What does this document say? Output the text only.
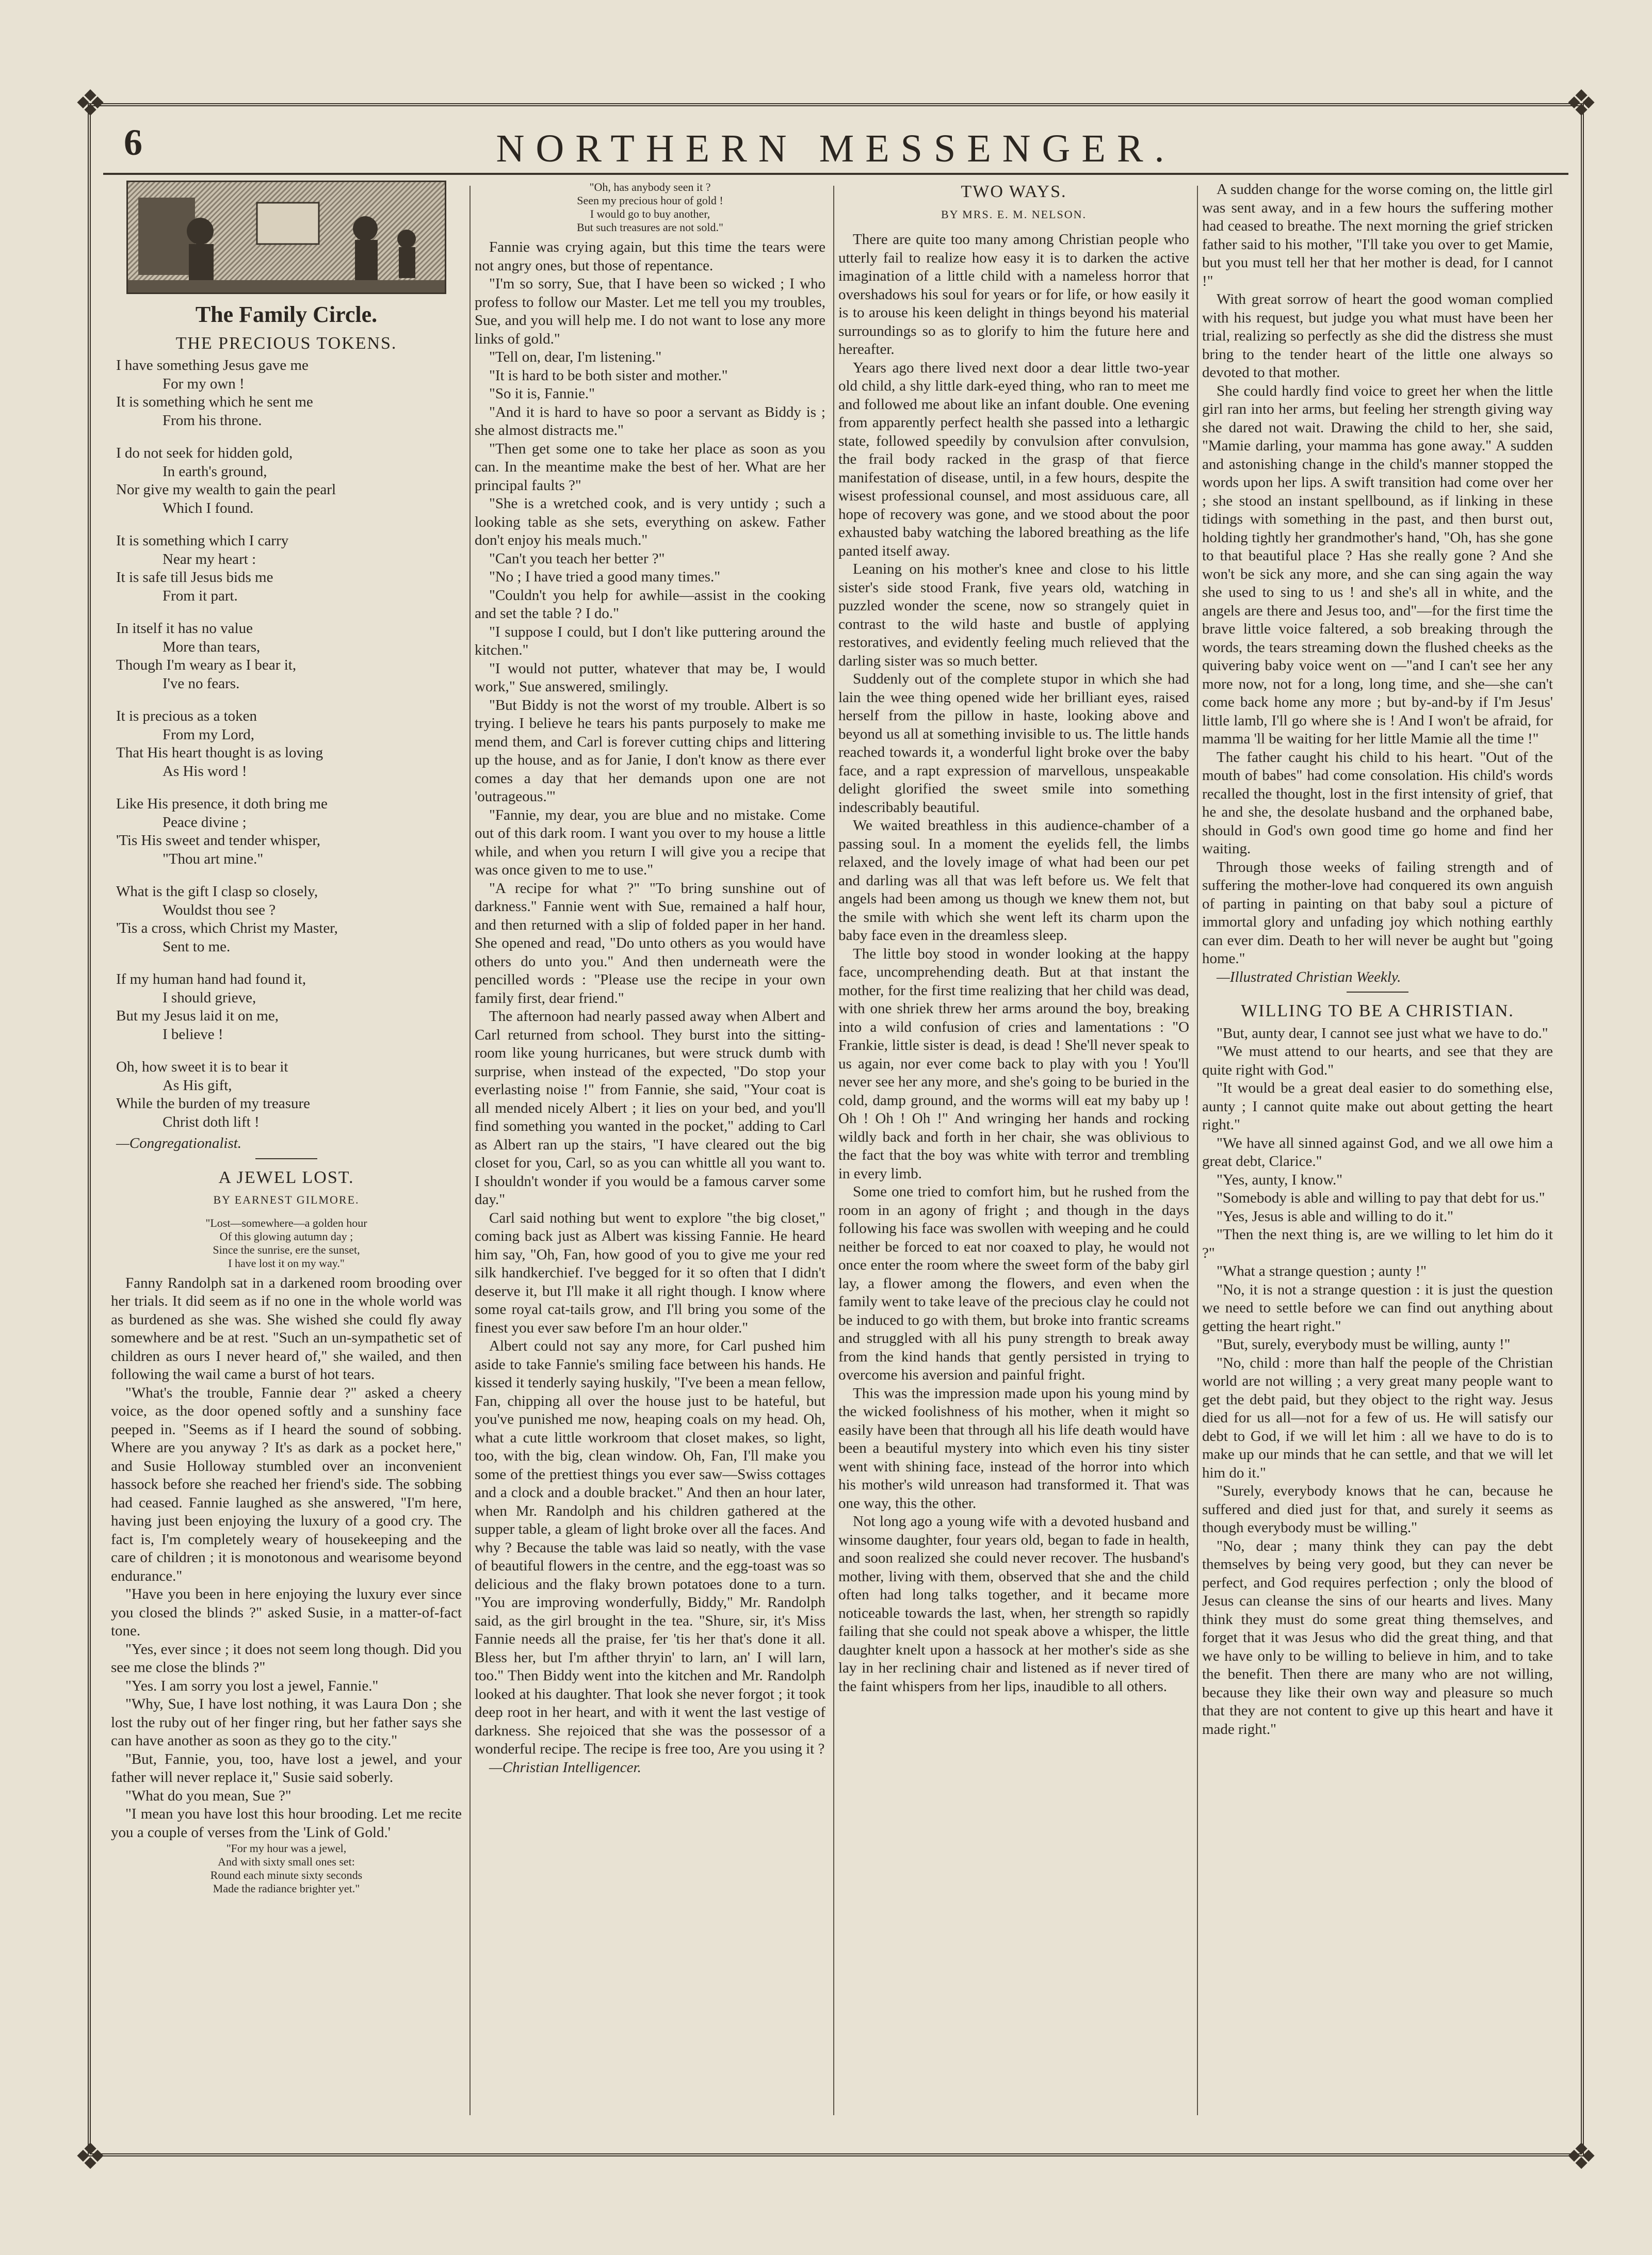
❖	❖
❖	❖
6	NORTHERN MESSENGER.
The Family Circle.
THE PRECIOUS TOKENS.
I have something Jesus gave me
For my own !
It is something which he sent me
From his throne.
I do not seek for hidden gold,
In earth's ground,
Nor give my wealth to gain the pearl
Which I found.
It is something which I carry
Near my heart :
It is safe till Jesus bids me
From it part.
In itself it has no value
More than tears,
Though I'm weary as I bear it,
I've no fears.
It is precious as a token
From my Lord,
That His heart thought is as loving
As His word !
Like His presence, it doth bring me
Peace divine ;
'Tis His sweet and tender whisper,
"Thou art mine."
What is the gift I clasp so closely,
Wouldst thou see ?
'Tis a cross, which Christ my Master,
Sent to me.
If my human hand had found it,
I should grieve,
But my Jesus laid it on me,
I believe !
Oh, how sweet it is to bear it
As His gift,
While the burden of my treasure
Christ doth lift !
—Congregationalist.
A JEWEL LOST.
BY EARNEST GILMORE.
"Lost—somewhere—a golden hour
Of this glowing autumn day ;
Since the sunrise, ere the sunset,
I have lost it on my way."

Fanny Randolph sat in a darkened room brooding over her trials. It did seem as if no one in the whole world was as burdened as she was. She wished she could fly away somewhere and be at rest. "Such an un-sympathetic set of children as ours I never heard of," she wailed, and then following the wail came a burst of hot tears.

"What's the trouble, Fannie dear ?" asked a cheery voice, as the door opened softly and a sunshiny face peeped in. "Seems as if I heard the sound of sobbing. Where are you anyway ? It's as dark as a pocket here," and Susie Holloway stumbled over an inconvenient hassock before she reached her friend's side. The sobbing had ceased. Fannie laughed as she answered, "I'm here, having just been enjoying the luxury of a good cry. The fact is, I'm completely weary of housekeeping and the care of children ; it is monotonous and wearisome beyond endurance."

"Have you been in here enjoying the luxury ever since you closed the blinds ?" asked Susie, in a matter-of-fact tone.

"Yes, ever since ; it does not seem long though. Did you see me close the blinds ?"

"Yes. I am sorry you lost a jewel, Fannie."

"Why, Sue, I have lost nothing, it was Laura Don ; she lost the ruby out of her finger ring, but her father says she can have another as soon as they go to the city."

"But, Fannie, you, too, have lost a jewel, and your father will never replace it," Susie said soberly.

"What do you mean, Sue ?"

"I mean you have lost this hour brooding. Let me recite you a couple of verses from the 'Link of Gold.'

"For my hour was a jewel,
And with sixty small ones set:
Round each minute sixty seconds
Made the radiance brighter yet."
"Oh, has anybody seen it ?
Seen my precious hour of gold !
I would go to buy another,
But such treasures are not sold."

Fannie was crying again, but this time the tears were not angry ones, but those of repentance.

"I'm so sorry, Sue, that I have been so wicked ; I who profess to follow our Master. Let me tell you my troubles, Sue, and you will help me. I do not want to lose any more links of gold."

"Tell on, dear, I'm listening."

"It is hard to be both sister and mother."

"So it is, Fannie."

"And it is hard to have so poor a servant as Biddy is ; she almost distracts me."

"Then get some one to take her place as soon as you can. In the meantime make the best of her. What are her principal faults ?"

"She is a wretched cook, and is very untidy ; such a looking table as she sets, everything on askew. Father don't enjoy his meals much."

"Can't you teach her better ?"

"No ; I have tried a good many times."

"Couldn't you help for awhile—assist in the cooking and set the table ? I do."

"I suppose I could, but I don't like puttering around the kitchen."

"I would not putter, whatever that may be, I would work," Sue answered, smilingly.

"But Biddy is not the worst of my trouble. Albert is so trying. I believe he tears his pants purposely to make me mend them, and Carl is forever cutting chips and littering up the house, and as for Janie, I don't know as there ever comes a day that her demands upon one are not 'outrageous.'"

"Fannie, my dear, you are blue and no mistake. Come out of this dark room. I want you over to my house a little while, and when you return I will give you a recipe that was once given to me to use."

"A recipe for what ?" "To bring sunshine out of darkness." Fannie went with Sue, remained a half hour, and then returned with a slip of folded paper in her hand. She opened and read, "Do unto others as you would have others do unto you." And then underneath were the pencilled words : "Please use the recipe in your own family first, dear friend."

The afternoon had nearly passed away when Albert and Carl returned from school. They burst into the sitting-room like young hurricanes, but were struck dumb with surprise, when instead of the expected, "Do stop your everlasting noise !" from Fannie, she said, "Your coat is all mended nicely Albert ; it lies on your bed, and you'll find something you wanted in the pocket," adding to Carl as Albert ran up the stairs, "I have cleared out the big closet for you, Carl, so as you can whittle all you want to. I shouldn't wonder if you would be a famous carver some day."

Carl said nothing but went to explore "the big closet," coming back just as Albert was kissing Fannie. He heard him say, "Oh, Fan, how good of you to give me your red silk handkerchief. I've begged for it so often that I didn't deserve it, but I'll make it all right though. I know where some royal cat-tails grow, and I'll bring you some of the finest you ever saw before I'm an hour older."

Albert could not say any more, for Carl pushed him aside to take Fannie's smiling face between his hands. He kissed it tenderly saying huskily, "I've been a mean fellow, Fan, chipping all over the house just to be hateful, but you've punished me now, heaping coals on my head. Oh, what a cute little workroom that closet makes, so light, too, with the big, clean window. Oh, Fan, I'll make you some of the prettiest things you ever saw—Swiss cottages and a clock and a double bracket." And then an hour later, when Mr. Randolph and his children gathered at the supper table, a gleam of light broke over all the faces. And why ? Because the table was laid so neatly, with the vase of beautiful flowers in the centre, and the egg-toast was so delicious and the flaky brown potatoes done to a turn. "You are improving wonderfully, Biddy," Mr. Randolph said, as the girl brought in the tea. "Shure, sir, it's Miss Fannie needs all the praise, fer 'tis her that's done it all. Bless her, but I'm afther thryin' to larn, an' I will larn, too." Then Biddy went into the kitchen and Mr. Randolph looked at his daughter. That look she never forgot ; it took deep root in her heart, and with it went the last vestige of darkness. She rejoiced that she was the possessor of a wonderful recipe. The recipe is free too, Are you using it ?

—Christian Intelligencer.

TWO WAYS.
BY MRS. E. M. NELSON.

There are quite too many among Christian people who utterly fail to realize how easy it is to darken the active imagination of a little child with a nameless horror that overshadows his soul for years or for life, or how easily it is to arouse his keen delight in things beyond his material surroundings so as to glorify to him the future here and hereafter.

Years ago there lived next door a dear little two-year old child, a shy little dark-eyed thing, who ran to meet me and followed me about like an infant double. One evening from apparently perfect health she passed into a lethargic state, followed speedily by convulsion after convulsion, the frail body racked in the grasp of that fierce manifestation of disease, until, in a few hours, despite the wisest professional counsel, and most assiduous care, all hope of recovery was gone, and we stood about the poor exhausted baby watching the labored breathing as the life panted itself away.

Leaning on his mother's knee and close to his little sister's side stood Frank, five years old, watching in puzzled wonder the scene, now so strangely quiet in contrast to the wild haste and bustle of applying restoratives, and evidently feeling much relieved that the darling sister was so much better.

Suddenly out of the complete stupor in which she had lain the wee thing opened wide her brilliant eyes, raised herself from the pillow in haste, looking above and beyond us all at something invisible to us. The little hands reached towards it, a wonderful light broke over the baby face, and a rapt expression of marvellous, unspeakable delight glorified the sweet smile into something indescribably beautiful.

We waited breathless in this audience-chamber of a passing soul. In a moment the eyelids fell, the limbs relaxed, and the lovely image of what had been our pet and darling was all that was left before us. We felt that angels had been among us though we knew them not, but the smile with which she went left its charm upon the baby face even in the dreamless sleep.

The little boy stood in wonder looking at the happy face, uncomprehending death. But at that instant the mother, for the first time realizing that her child was dead, with one shriek threw her arms around the boy, breaking into a wild confusion of cries and lamentations : "O Frankie, little sister is dead, is dead ! She'll never speak to us again, nor ever come back to play with you ! You'll never see her any more, and she's going to be buried in the cold, damp ground, and the worms will eat my baby up ! Oh ! Oh ! Oh !" And wringing her hands and rocking wildly back and forth in her chair, she was oblivious to the fact that the boy was white with terror and trembling in every limb.

Some one tried to comfort him, but he rushed from the room in an agony of fright ; and though in the days following his face was swollen with weeping and he could neither be forced to eat nor coaxed to play, he would not once enter the room where the sweet form of the baby girl lay, a flower among the flowers, and even when the family went to take leave of the precious clay he could not be induced to go with them, but broke into frantic screams and struggled with all his puny strength to break away from the kind hands that gently persisted in trying to overcome his aversion and painful fright.

This was the impression made upon his young mind by the wicked foolishness of his mother, when it might so easily have been that through all his life death would have been a beautiful mystery into which even his tiny sister went with shining face, instead of the horror into which his mother's wild unreason had transformed it. That was one way, this the other.

Not long ago a young wife with a devoted husband and winsome daughter, four years old, began to fade in health, and soon realized she could never recover. The husband's mother, living with them, observed that she and the child often had long talks together, and it became more noticeable towards the last, when, her strength so rapidly failing that she could not speak above a whisper, the little daughter knelt upon a hassock at her mother's side as she lay in her reclining chair and listened as if never tired of the faint whispers from her lips, inaudible to all others.

A sudden change for the worse coming on, the little girl was sent away, and in a few hours the suffering mother had ceased to breathe. The next morning the grief stricken father said to his mother, "I'll take you over to get Mamie, but you must tell her that her mother is dead, for I cannot !"

With great sorrow of heart the good woman complied with his request, but judge you what must have been her trial, realizing so perfectly as she did the distress she must bring to the tender heart of the little one always so devoted to that mother.

She could hardly find voice to greet her when the little girl ran into her arms, but feeling her strength giving way she dared not wait. Drawing the child to her, she said, "Mamie darling, your mamma has gone away." A sudden and astonishing change in the child's manner stopped the words upon her lips. A swift transition had come over her ; she stood an instant spellbound, as if linking in these tidings with something in the past, and then burst out, holding tightly her grandmother's hand, "Oh, has she gone to that beautiful place ? Has she really gone ? And she won't be sick any more, and she can sing again the way she used to sing to us ! and she's all in white, and the angels are there and Jesus too, and"—for the first time the brave little voice faltered, a sob breaking through the words, the tears streaming down the flushed cheeks as the quivering baby voice went on —"and I can't see her any more now, not for a long, long time, and she—she can't come back home any more ; but by-and-by if I'm Jesus' little lamb, I'll go where she is ! And I won't be afraid, for mamma 'll be waiting for her little Mamie all the time !"

The father caught his child to his heart. "Out of the mouth of babes" had come consolation. His child's words recalled the thought, lost in the first intensity of grief, that he and she, the desolate husband and the orphaned babe, should in God's own good time go home and find her waiting.

Through those weeks of failing strength and of suffering the mother-love had conquered its own anguish of parting in painting on that baby soul a picture of immortal glory and unfading joy which nothing earthly can ever dim. Death to her will never be aught but "going home."

—Illustrated Christian Weekly.

WILLING TO BE A CHRISTIAN.

"But, aunty dear, I cannot see just what we have to do."

"We must attend to our hearts, and see that they are quite right with God."

"It would be a great deal easier to do something else, aunty ; I cannot quite make out about getting the heart right."

"We have all sinned against God, and we all owe him a great debt, Clarice."

"Yes, aunty, I know."

"Somebody is able and willing to pay that debt for us."

"Yes, Jesus is able and willing to do it."

"Then the next thing is, are we willing to let him do it ?"

"What a strange question ; aunty !"

"No, it is not a strange question : it is just the question we need to settle before we can find out anything about getting the heart right."

"But, surely, everybody must be willing, aunty !"

"No, child : more than half the people of the Christian world are not willing ; a very great many people want to get the debt paid, but they object to the right way. Jesus died for us all—not for a few of us. He will satisfy our debt to God, if we will let him : all we have to do is to make up our minds that he can settle, and that we will let him do it."

"Surely, everybody knows that he can, because he suffered and died just for that, and surely it seems as though everybody must be willing."

"No, dear ; many think they can pay the debt themselves by being very good, but they can never be perfect, and God requires perfection ; only the blood of Jesus can cleanse the sins of our hearts and lives. Many think they must do some great thing themselves, and forget that it was Jesus who did the great thing, and that we have only to be willing to believe in him, and to take the benefit. Then there are many who are not willing, because they like their own way and pleasure so much that they are not content to give up this heart and have it made right."
